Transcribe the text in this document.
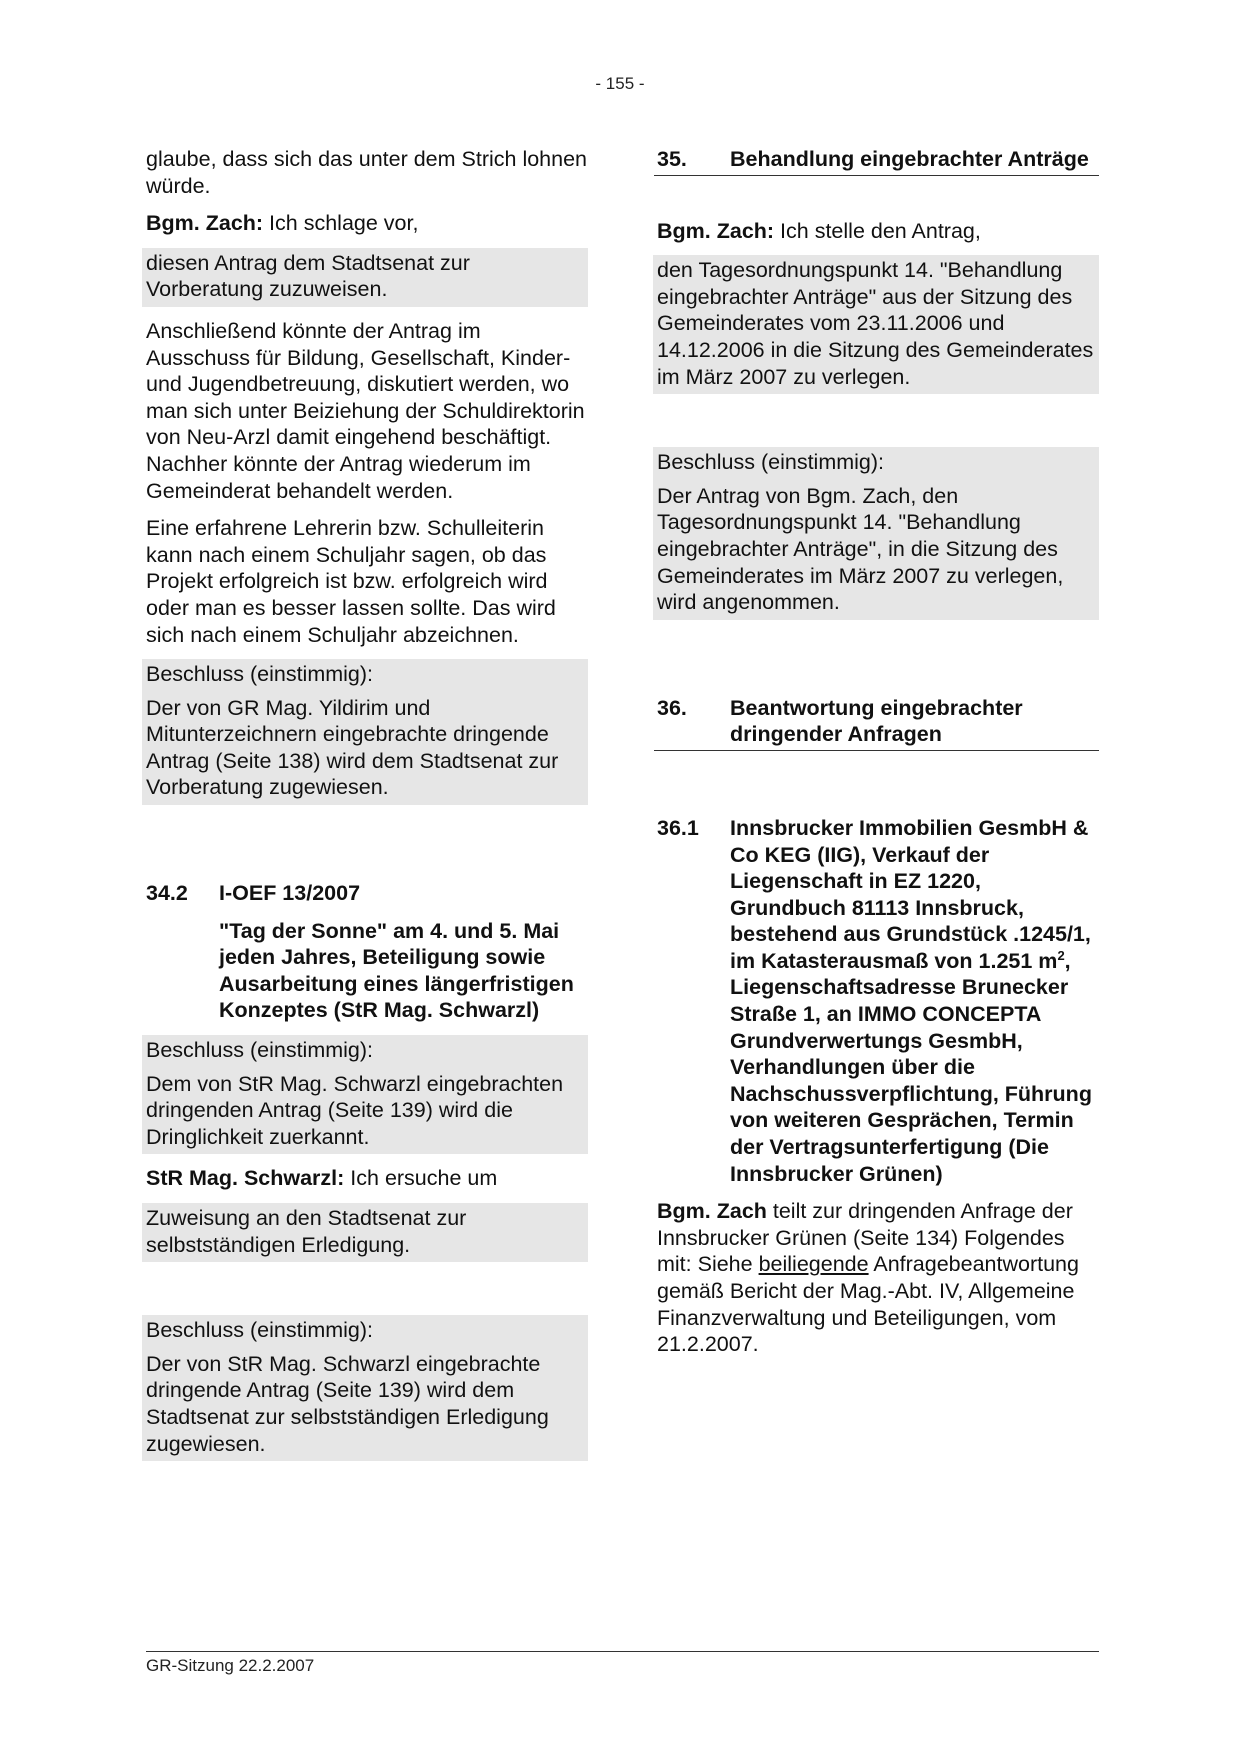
- 155 -

glaube, dass sich das unter dem Strich lohnen würde.

Bgm. Zach: Ich schlage vor,

diesen Antrag dem Stadtsenat zur Vorberatung zuzuweisen.

Anschließend könnte der Antrag im Ausschuss für Bildung, Gesellschaft, Kinder- und Jugendbetreuung, diskutiert werden, wo man sich unter Beiziehung der Schuldirektorin von Neu-Arzl damit eingehend beschäftigt. Nachher könnte der Antrag wiederum im Gemeinderat behandelt werden.

Eine erfahrene Lehrerin bzw. Schulleiterin kann nach einem Schuljahr sagen, ob das Projekt erfolgreich ist bzw. erfolgreich wird oder man es besser lassen sollte. Das wird sich nach einem Schuljahr abzeichnen.

Beschluss (einstimmig):

Der von GR Mag. Yildirim und Mitunterzeichnern eingebrachte dringende Antrag (Seite 138) wird dem Stadtsenat zur Vorberatung zugewiesen.

34.2	I-OEF 13/2007
"Tag der Sonne" am 4. und 5. Mai jeden Jahres, Beteiligung sowie Ausarbeitung eines längerfristigen Konzeptes (StR Mag. Schwarzl)

Beschluss (einstimmig):

Dem von StR Mag. Schwarzl eingebrachten dringenden Antrag (Seite 139) wird die Dringlichkeit zuerkannt.

StR Mag. Schwarzl: Ich ersuche um

Zuweisung an den Stadtsenat zur selbstständigen Erledigung.

Beschluss (einstimmig):

Der von StR Mag. Schwarzl eingebrachte dringende Antrag (Seite 139) wird dem Stadtsenat zur selbstständigen Erledigung zugewiesen.

35.	Behandlung eingebrachter Anträge

Bgm. Zach: Ich stelle den Antrag,

den Tagesordnungspunkt 14. "Behandlung eingebrachter Anträge" aus der Sitzung des Gemeinderates vom 23.11.2006 und 14.12.2006 in die Sitzung des Gemeinderates im März 2007 zu verlegen.

Beschluss (einstimmig):

Der Antrag von Bgm. Zach, den Tagesordnungspunkt 14. "Behandlung eingebrachter Anträge", in die Sitzung des Gemeinderates im März 2007 zu verlegen, wird angenommen.

36.	Beantwortung eingebrachter dringender Anfragen
36.1	Innsbrucker Immobilien GesmbH & Co KEG (IIG), Verkauf der Liegenschaft in EZ 1220, Grundbuch 81113 Innsbruck, bestehend aus Grundstück .1245/1, im Katasterausmaß von 1.251 $m^2$, Liegenschaftsadresse Brunecker Straße 1, an IMMO CONCEPTA Grundverwertungs GesmbH, Verhandlungen über die Nachschussverpflichtung, Führung von weiteren Gesprächen, Termin der Vertragsunterfertigung (Die Innsbrucker Grünen)

Bgm. Zach teilt zur dringenden Anfrage der Innsbrucker Grünen (Seite 134) Folgendes mit: Siehe beiliegende Anfragebeantwortung gemäß Bericht der Mag.-Abt. IV, Allgemeine Finanzverwaltung und Beteiligungen, vom 21.2.2007.

GR-Sitzung 22.2.2007
